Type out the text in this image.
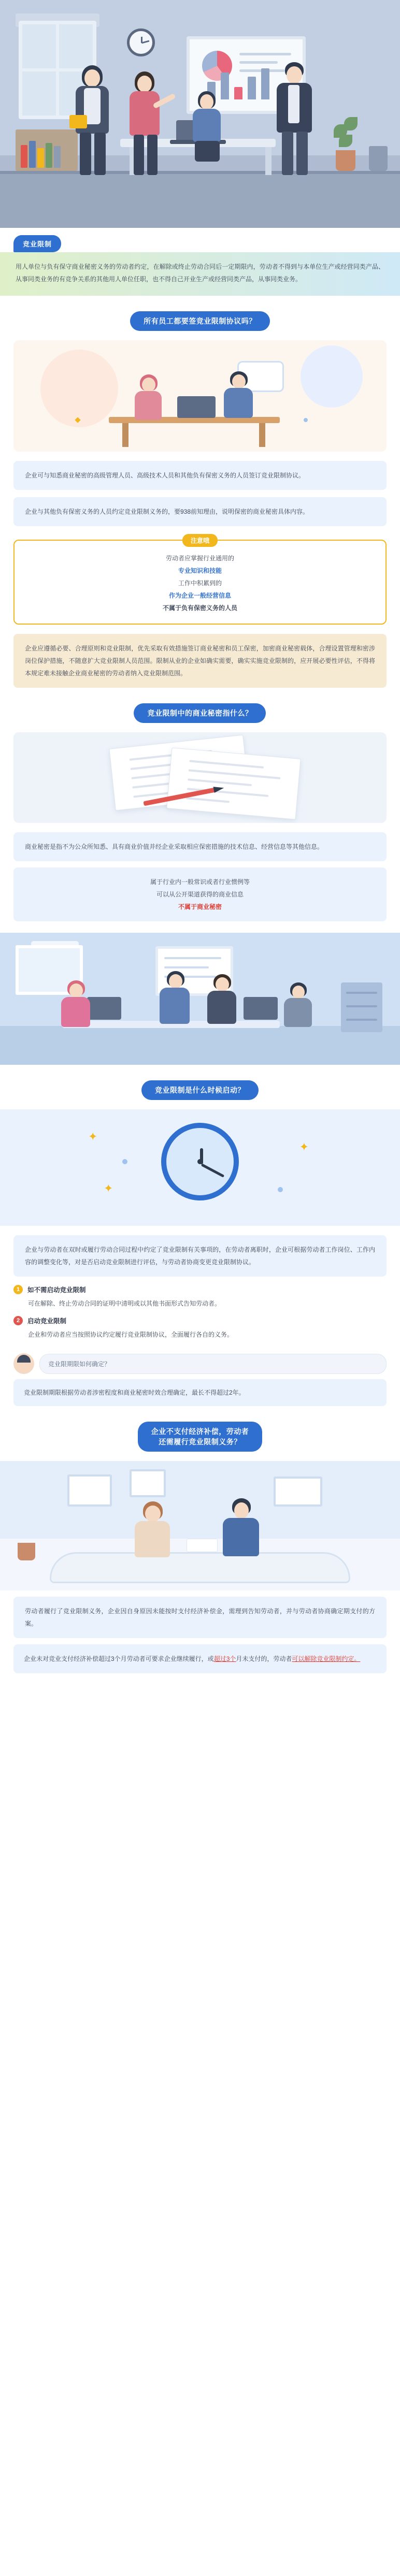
竞业限制
用人单位与负有保守商业秘密义务的劳动者约定，在解除或终止劳动合同后一定期限内，劳动者不得到与本单位生产或经营同类产品、从事同类业务的有竞争关系的其他用人单位任职，也不得自己开业生产或经营同类产品，从事同类业务。
所有员工都要签竞业限制协议吗？
企业可与知悉商业秘密的高级管理人员、高级技术人员和其他负有保密义务的人员签订竞业限制协议。
企业与其他负有保密义务的人员约定竞业限制义务的，要938前知理由，说明保密的商业秘密具体内容。
注意哦
劳动者应掌握行业通用的
专业知识和技能
工作中积累到的
作为企业一般经营信息
不属于负有保密义务的人员
企业应遵循必要、合理原则和竞业限制，优先采取有效措施签订商业秘密和员工保密，加密商业秘密载体，合理设置管理和密涉岗位保护措施，不随意扩大竞业限制人员范围。限制从业的企业如确实需要，确实实施竞业限制的，应开展必要性评估，不得将本规定难未接触企业商业秘密的劳动者纳入竞业限制范围。
竞业限制中的商业秘密指什么？
商业秘密是指不为公众所知悉、具有商业价值并经企业采取相应保密措施的技术信息、经营信息等其他信息。
属于行业内一般常识或者行业惯例等
可以从公开渠道获得的商业信息
不属于商业秘密
竞业限制是什么时候启动？
✦
✦
✦
企业与劳动者在双时或履行劳动合同过程中约定了竞业限制有关事项的，在劳动者离职时，企业可根据劳动者工作岗位、工作内容的调整变化等，对是否启动竞业限制进行评估，与劳动者协商变更竞业限制协议。
1	如不需启动竞业限制
可在解除、终止劳动合同的证明中清明或以其他书面形式告知劳动者。
2	启动竞业限制
企业和劳动者应当按照协议约定履行竞业限制协议，全面履行各自的义务。
竞业限期限如何确定？
竞业限制期限根据劳动者涉密程度和商业秘密时效合理确定，最长不得超过2年。
企业不支付经济补偿，劳动者
还需履行竞业限制义务？
劳动者履行了竞业限制义务，企业因自身原因未能按时支付经济补偿金，需理到告知劳动者，并与劳动者协商确定期支付的方案。
企业未对竞业支付经济补偿超过3个月劳动者可要求企业继续履行，或超过3个月未支付的，劳动者可以解除竞业限制约定。
